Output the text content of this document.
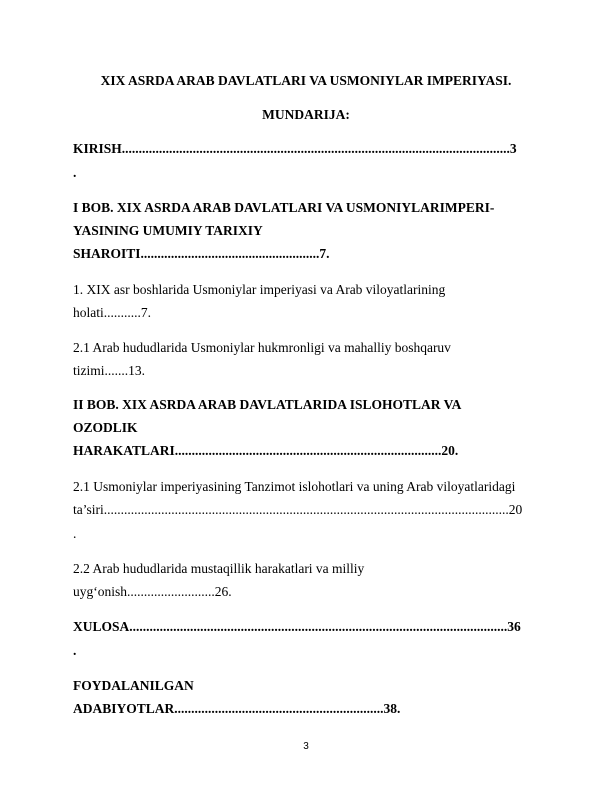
XIX ASRDA ARAB DAVLATLARI VA USMONIYLAR IMPERIYASI.

MUNDARIJA:

KIRISH...................................................................................................................3

.

I BOB. XIX ASRDA ARAB DAVLATLARI VA USMONIYLARIMPERI-

YASINING UMUMIY TARIXIY

SHAROITI.....................................................7.

1. XIX asr boshlarida Usmoniylar imperiyasi va Arab viloyatlarining

holati...........7.

2.1 Arab hududlarida Usmoniylar hukmronligi va mahalliy boshqaruv

tizimi.......13.

II BOB. XIX ASRDA ARAB DAVLATLARIDA ISLOHOTLAR VA

OZODLIK

HARAKATLARI...............................................................................20.

2.1 Usmoniylar imperiyasining Tanzimot islohotlari va uning Arab viloyatlaridagi

ta’siri........................................................................................................................20

.

2.2 Arab hududlarida mustaqillik harakatlari va milliy

uyg‘onish..........................26.

XULOSA................................................................................................................36

.

FOYDALANILGAN

ADABIYOTLAR..............................................................38.

3
